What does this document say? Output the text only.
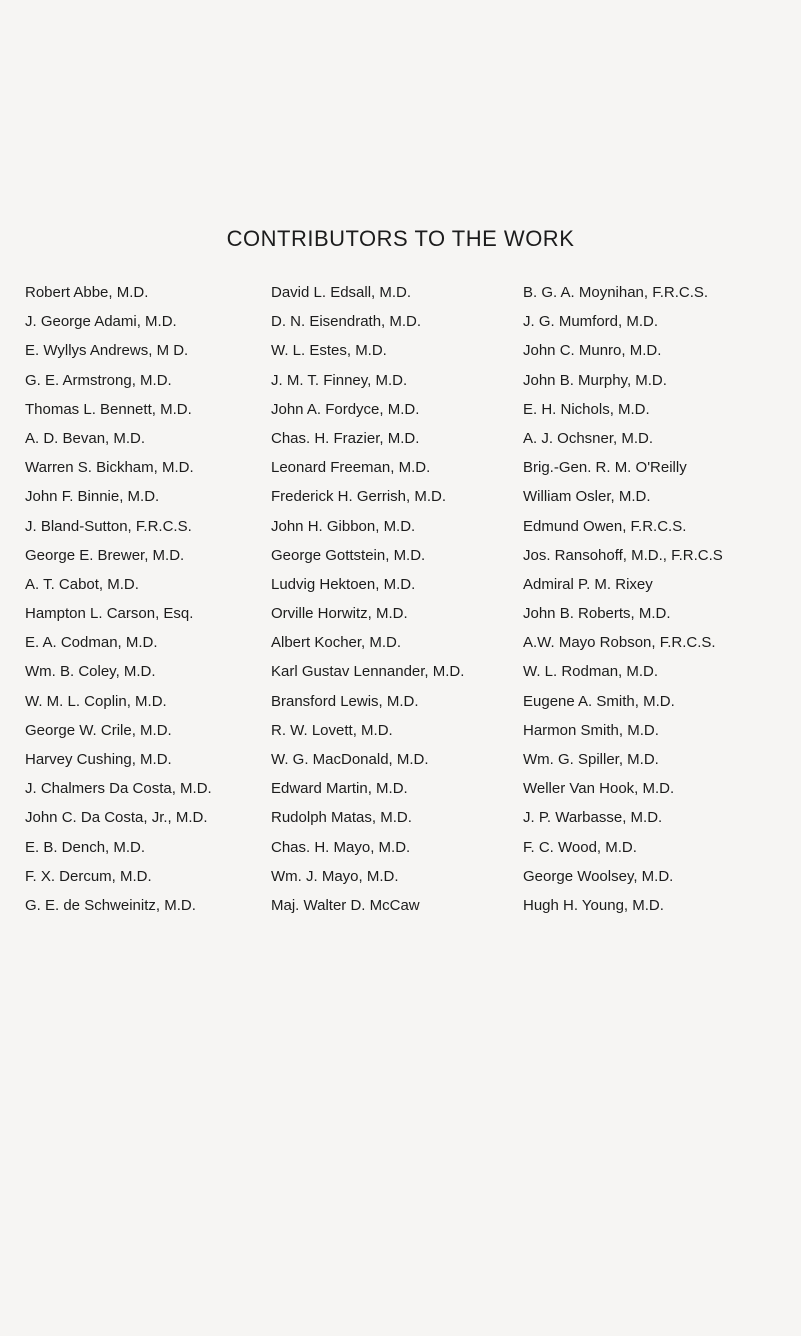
CONTRIBUTORS TO THE WORK
Robert Abbe, M.D.
J. George Adami, M.D.
E. Wyllys Andrews, M D.
G. E. Armstrong, M.D.
Thomas L. Bennett, M.D.
A. D. Bevan, M.D.
Warren S. Bickham, M.D.
John F. Binnie, M.D.
J. Bland-Sutton, F.R.C.S.
George E. Brewer, M.D.
A. T. Cabot, M.D.
Hampton L. Carson, Esq.
E. A. Codman, M.D.
Wm. B. Coley, M.D.
W. M. L. Coplin, M.D.
George W. Crile, M.D.
Harvey Cushing, M.D.
J. Chalmers Da Costa, M.D.
John C. Da Costa, Jr., M.D.
E. B. Dench, M.D.
F. X. Dercum, M.D.
G. E. de Schweinitz, M.D.
David L. Edsall, M.D.
D. N. Eisendrath, M.D.
W. L. Estes, M.D.
J. M. T. Finney, M.D.
John A. Fordyce, M.D.
Chas. H. Frazier, M.D.
Leonard Freeman, M.D.
Frederick H. Gerrish, M.D.
John H. Gibbon, M.D.
George Gottstein, M.D.
Ludvig Hektoen, M.D.
Orville Horwitz, M.D.
Albert Kocher, M.D.
Karl Gustav Lennander, M.D.
Bransford Lewis, M.D.
R. W. Lovett, M.D.
W. G. MacDonald, M.D.
Edward Martin, M.D.
Rudolph Matas, M.D.
Chas. H. Mayo, M.D.
Wm. J. Mayo, M.D.
Maj. Walter D. McCaw
B. G. A. Moynihan, F.R.C.S.
J. G. Mumford, M.D.
John C. Munro, M.D.
John B. Murphy, M.D.
E. H. Nichols, M.D.
A. J. Ochsner, M.D.
Brig.-Gen. R. M. O'Reilly
William Osler, M.D.
Edmund Owen, F.R.C.S.
Jos. Ransohoff, M.D., F.R.C.S
Admiral P. M. Rixey
John B. Roberts, M.D.
A.W. Mayo Robson, F.R.C.S.
W. L. Rodman, M.D.
Eugene A. Smith, M.D.
Harmon Smith, M.D.
Wm. G. Spiller, M.D.
Weller Van Hook, M.D.
J. P. Warbasse, M.D.
F. C. Wood, M.D.
George Woolsey, M.D.
Hugh H. Young, M.D.
